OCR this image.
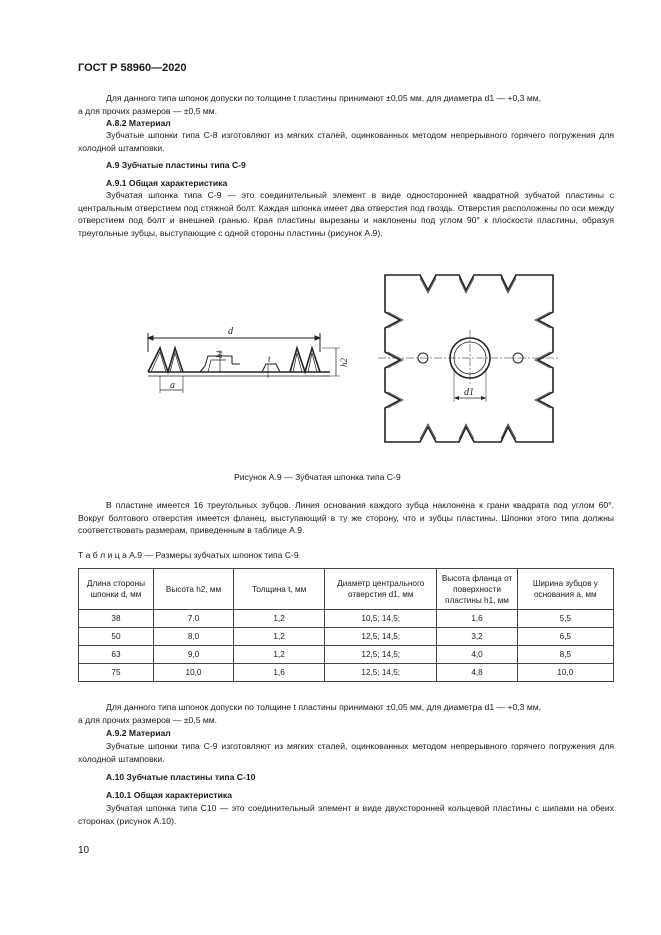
ГОСТ Р 58960—2020
Для данного типа шпонок допуски по толщине t пластины принимают ±0,05 мм, для диаметра d1 — +0,3 мм,
а для прочих размеров — ±0,5 мм.
А.8.2 Материал
Зубчатые шпонки типа С-8 изготовляют из мягких сталей, оцинкованных методом непрерывного горячего погружения для холодной штамповки.
А.9 Зубчатые пластины типа С-9
А.9.1 Общая характеристика
Зубчатая шпонка типа С-9 — это соединительный элемент в виде односторонней квадратной зубчатой пластины с центральным отверстием под стяжной болт. Каждая шпонка имеет два отверстия под гвоздь. Отверстия расположены по оси между отверстием под болт и внешней гранью. Края пластины вырезаны и наклонены под углом 90° к плоскости пластины, образуя треугольные зубцы, выступающие с одной стороны пластины (рисунок А.9).
d
a
h1
h2
t
d1
Рисунок А.9 — Зубчатая шпонка типа С-9
В пластине имеется 16 треугольных зубцов. Линия основания каждого зубца наклонена к грани квадрата под углом 60°. Вокруг болтового отверстия имеется фланец, выступающий в ту же сторону, что и зубцы пластины. Шпонки этого типа должны соответствовать размерам, приведенным в таблице А.9.
Т а б л и ц а А.9 — Размеры зубчатых шпонок типа С-9
Длина стороны шпонки d, мм	Высота h2, мм	Толщина t, мм	Диаметр центрального отверстия d1, мм	Высота фланца от поверхности пластины h1, мм	Ширина зубцов у основания a, мм
38	7,0	1,2	10,5; 14,5;	1,6	5,5
50	8,0	1,2	12,5; 14,5;	3,2	6,5
63	9,0	1,2	12,5; 14,5;	4,0	8,5
75	10,0	1,6	12,5; 14,5;	4,8	10,0
Для данного типа шпонок допуски по толщине t пластины принимают ±0,05 мм, для диаметра d1 — +0,3 мм,
а для прочих размеров — ±0,5 мм.
А.9.2 Материал
Зубчатые шпонки типа С-9 изготовляют из мягких сталей, оцинкованных методом непрерывного горячего погружения для холодной штамповки.
А.10 Зубчатые пластины типа С-10
А.10.1 Общая характеристика
Зубчатая шпонка типа С10 — это соединительный элемент в виде двухсторонней кольцевой пластины с шипами на обеих сторонах (рисунок А.10).
10
